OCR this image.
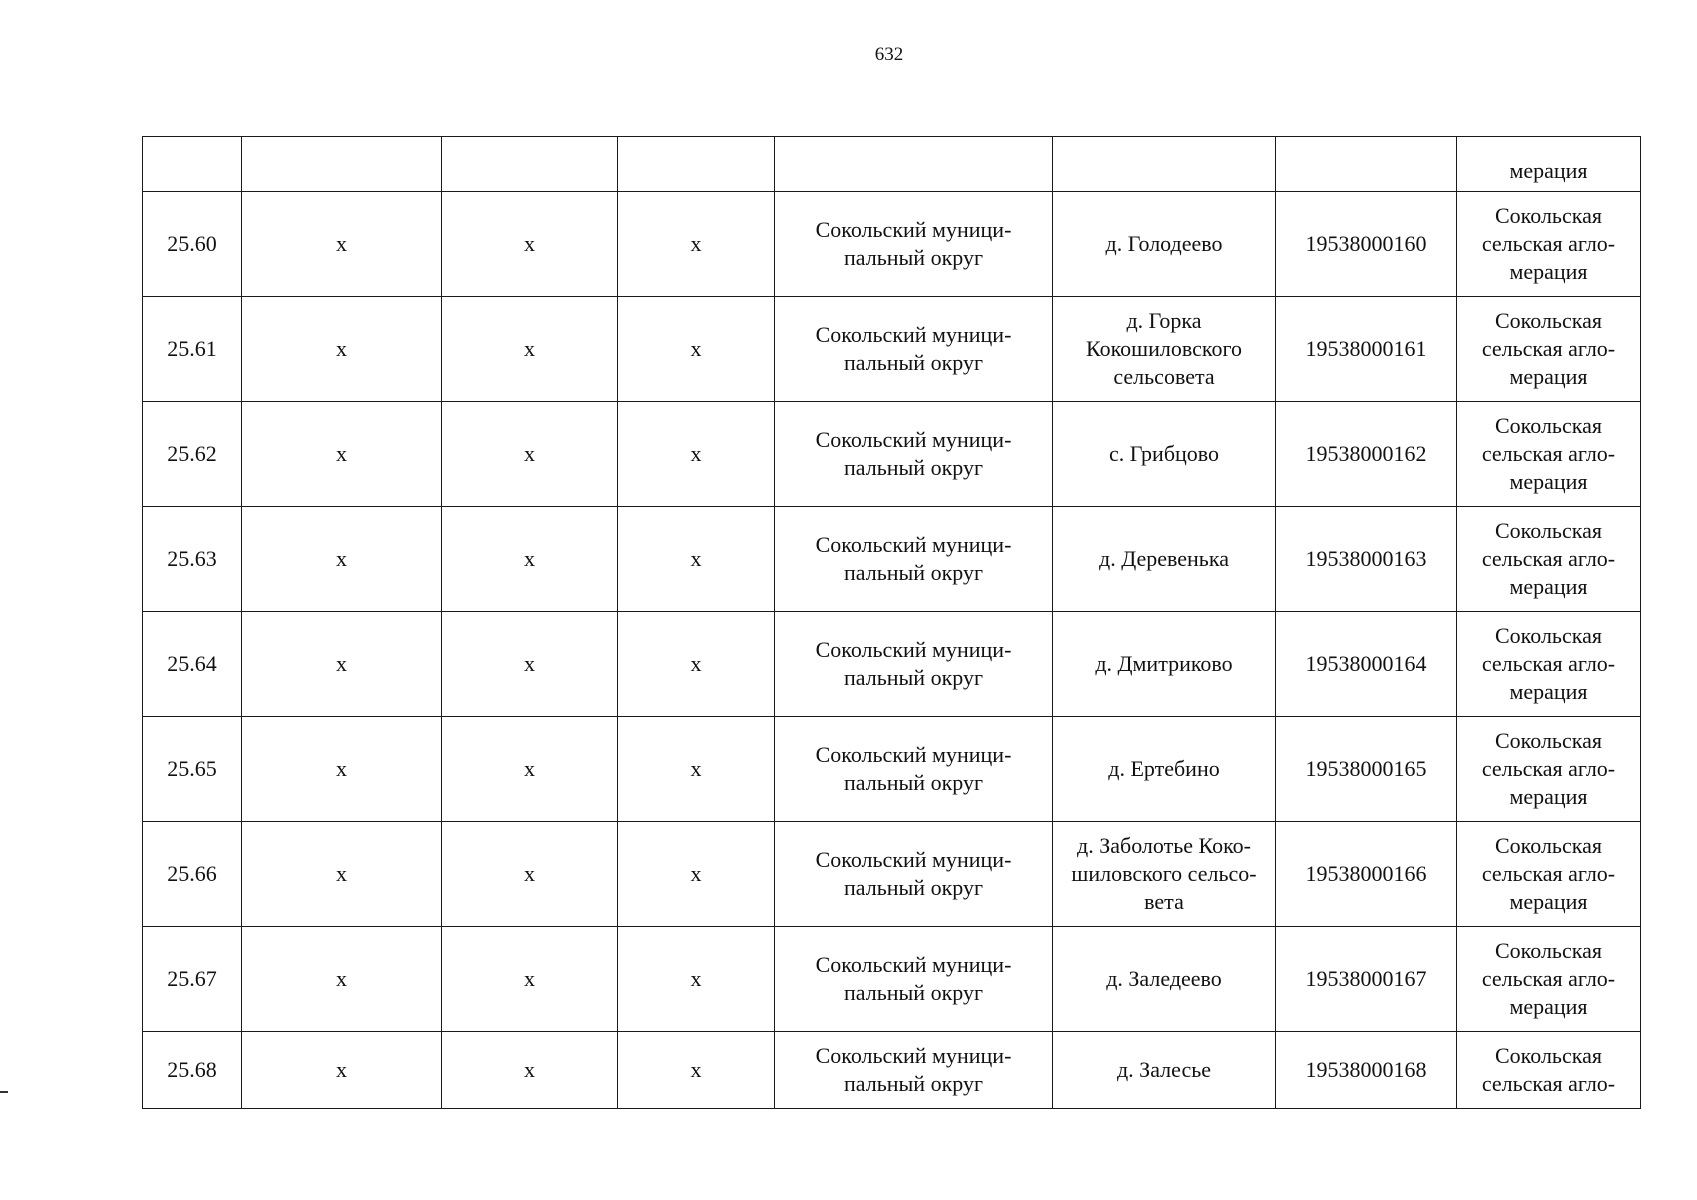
632

							мерация

25.60	x	x	x	Сокольский муници-
пальный округ	д. Голодеево	19538000160	Сокольская
сельская агло-
мерация

25.61	x	x	x	Сокольский муници-
пальный округ	д. Горка
Кокошиловского
сельсовета	19538000161	Сокольская
сельская агло-
мерация

25.62	x	x	x	Сокольский муници-
пальный округ	с. Грибцово	19538000162	Сокольская
сельская агло-
мерация

25.63	x	x	x	Сокольский муници-
пальный округ	д. Деревенька	19538000163	Сокольская
сельская агло-
мерация

25.64	x	x	x	Сокольский муници-
пальный округ	д. Дмитриково	19538000164	Сокольская
сельская агло-
мерация

25.65	x	x	x	Сокольский муници-
пальный округ	д. Ертебино	19538000165	Сокольская
сельская агло-
мерация

25.66	x	x	x	Сокольский муници-
пальный округ	д. Заболотье Коко-
шиловского сельсо-
вета	19538000166	Сокольская
сельская агло-
мерация

25.67	x	x	x	Сокольский муници-
пальный округ	д. Заледеево	19538000167	Сокольская
сельская агло-
мерация

25.68	x	x	x	Сокольский муници-
пальный округ	д. Залесье	19538000168	Сокольская
сельская агло-
